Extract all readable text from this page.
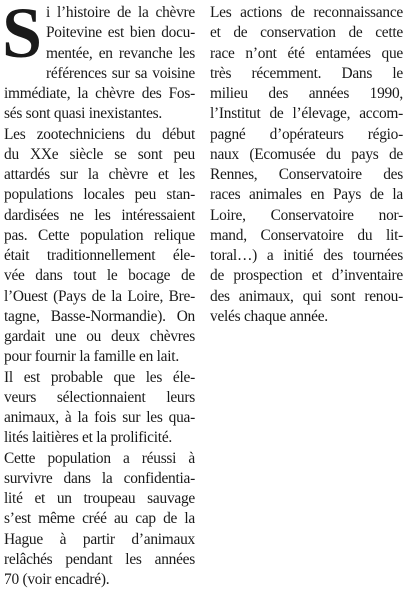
S i l’histoire de la chèvre
Poitevine est bien docu-
mentée, en revanche les
références sur sa voisine
immédiate, la chèvre des Fos-
sés sont quasi inexistantes.
Les zootechniciens du début
du XXe siècle se sont peu
attardés sur la chèvre et les
populations locales peu stan-
dardisées ne les intéressaient
pas. Cette population relique
était traditionnellement éle-
vée dans tout le bocage de
l’Ouest (Pays de la Loire, Bre-
tagne, Basse-Normandie). On
gardait une ou deux chèvres
pour fournir la famille en lait.
Il est probable que les éle-
veurs sélectionnaient leurs
animaux, à la fois sur les qua-
lités laitières et la prolificité.
Cette population a réussi à
survivre dans la confidentia-
lité et un troupeau sauvage
s’est même créé au cap de la
Hague à partir d’animaux
relâchés pendant les années
70 (voir encadré).
Les actions de reconnaissance
et de conservation de cette
race n’ont été entamées que
très récemment. Dans le
milieu des années 1990,
l’Institut de l’élevage, accom-
pagné d’opérateurs régio-
naux (Ecomusée du pays de
Rennes, Conservatoire des
races animales en Pays de la
Loire, Conservatoire nor-
mand, Conservatoire du lit-
toral…) a initié des tournées
de prospection et d’inventaire
des animaux, qui sont renou-
velés chaque année.
